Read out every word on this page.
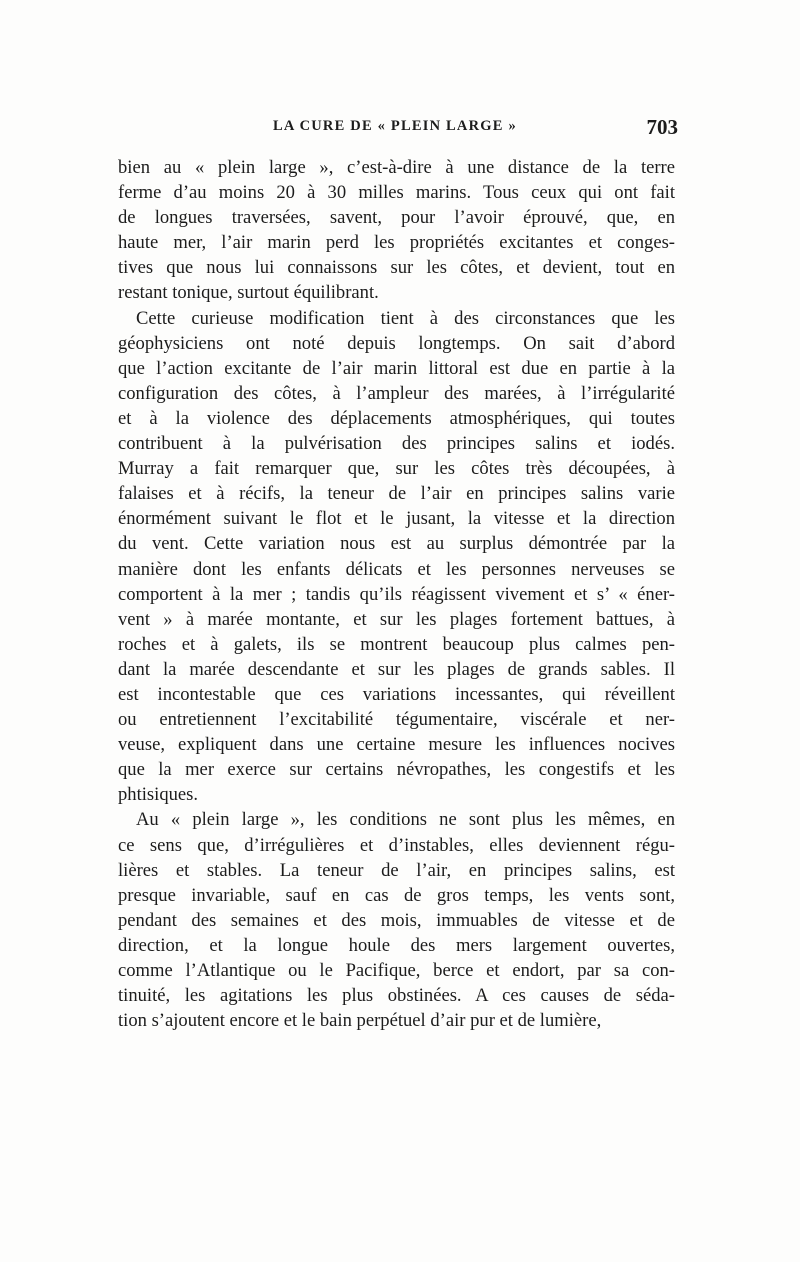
LA CURE DE « PLEIN LARGE »	703
bien au « plein large », c’est-à-dire à une distance de la terre
ferme d’au moins 20 à 30 milles marins. Tous ceux qui ont fait
de longues traversées, savent, pour l’avoir éprouvé, que, en
haute mer, l’air marin perd les propriétés excitantes et conges-
tives que nous lui connaissons sur les côtes, et devient, tout en
restant tonique, surtout équilibrant.
Cette curieuse modification tient à des circonstances que les
géophysiciens ont noté depuis longtemps. On sait d’abord
que l’action excitante de l’air marin littoral est due en partie à la
configuration des côtes, à l’ampleur des marées, à l’irrégularité
et à la violence des déplacements atmosphériques, qui toutes
contribuent à la pulvérisation des principes salins et iodés.
Murray a fait remarquer que, sur les côtes très découpées, à
falaises et à récifs, la teneur de l’air en principes salins varie
énormément suivant le flot et le jusant, la vitesse et la direction
du vent. Cette variation nous est au surplus démontrée par la
manière dont les enfants délicats et les personnes nerveuses se
comportent à la mer ; tandis qu’ils réagissent vivement et s’ « éner-
vent » à marée montante, et sur les plages fortement battues, à
roches et à galets, ils se montrent beaucoup plus calmes pen-
dant la marée descendante et sur les plages de grands sables. Il
est incontestable que ces variations incessantes, qui réveillent
ou entretiennent l’excitabilité tégumentaire, viscérale et ner-
veuse, expliquent dans une certaine mesure les influences nocives
que la mer exerce sur certains névropathes, les congestifs et les
phtisiques.
Au « plein large », les conditions ne sont plus les mêmes, en
ce sens que, d’irrégulières et d’instables, elles deviennent régu-
lières et stables. La teneur de l’air, en principes salins, est
presque invariable, sauf en cas de gros temps, les vents sont,
pendant des semaines et des mois, immuables de vitesse et de
direction, et la longue houle des mers largement ouvertes,
comme l’Atlantique ou le Pacifique, berce et endort, par sa con-
tinuité, les agitations les plus obstinées. A ces causes de séda-
tion s’ajoutent encore et le bain perpétuel d’air pur et de lumière,
